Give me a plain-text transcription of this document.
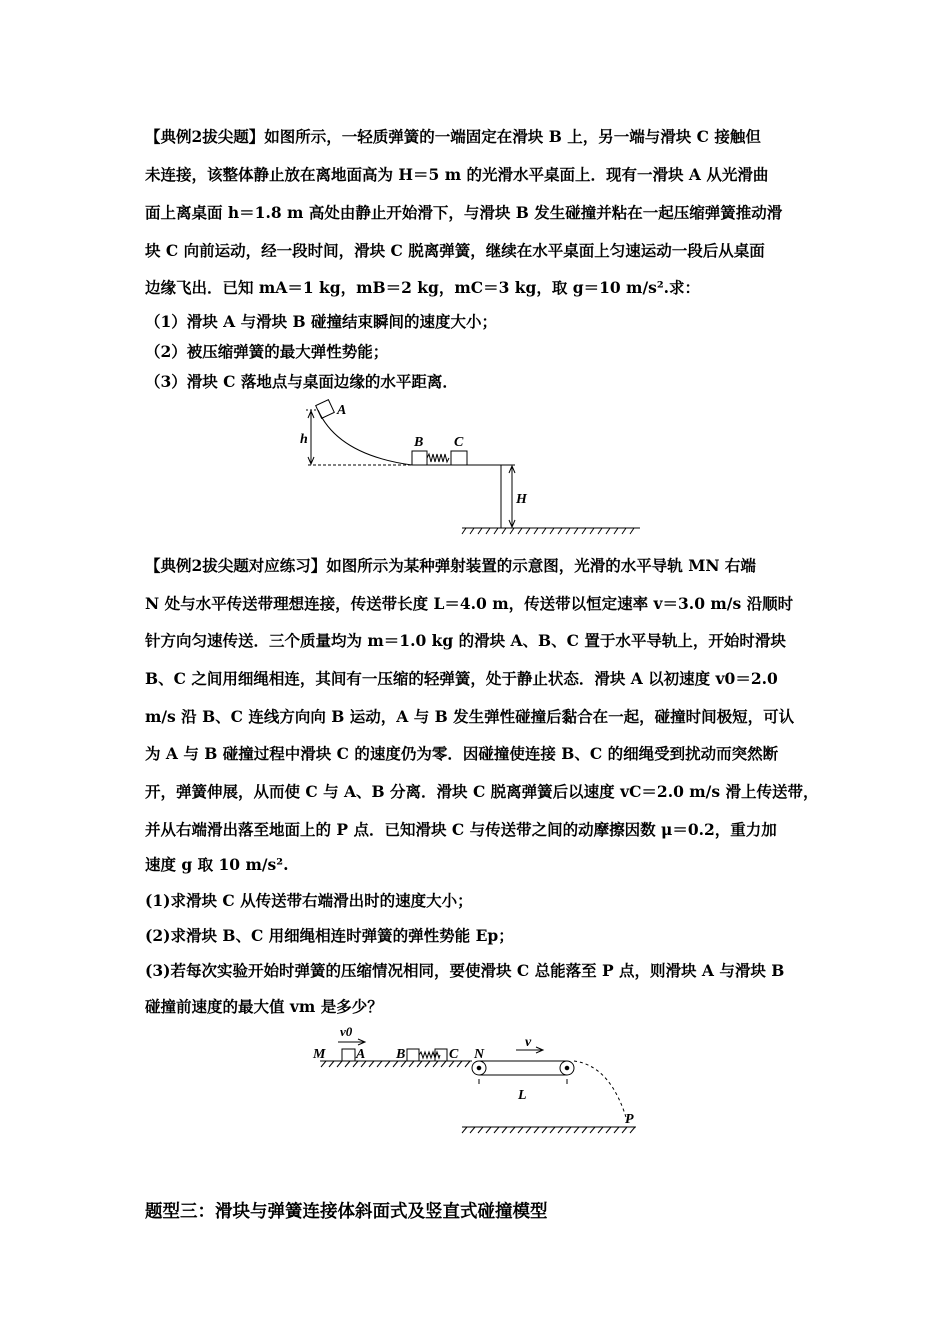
【典例2拔尖题】如图所示，一轻质弹簧的一端固定在滑块 B 上，另一端与滑块 C 接触但
未连接，该整体静止放在离地面高为 H＝5 m 的光滑水平桌面上．现有一滑块 A 从光滑曲
面上离桌面 h＝1.8 m 高处由静止开始滑下，与滑块 B 发生碰撞并粘在一起压缩弹簧推动滑
块 C 向前运动，经一段时间，滑块 C 脱离弹簧，继续在水平桌面上匀速运动一段后从桌面
边缘飞出．已知 mA＝1 kg，mB＝2 kg，mC＝3 kg，取 g＝10 m/s².求：
（1）滑块 A 与滑块 B 碰撞结束瞬间的速度大小；
（2）被压缩弹簧的最大弹性势能；
（3）滑块 C 落地点与桌面边缘的水平距离．
A
h	B C
H
【典例2拔尖题对应练习】如图所示为某种弹射装置的示意图，光滑的水平导轨 MN 右端
N 处与水平传送带理想连接，传送带长度 L＝4.0 m，传送带以恒定速率 v＝3.0 m/s 沿顺时
针方向匀速传送．三个质量均为 m＝1.0 kg 的滑块 A、B、C 置于水平导轨上，开始时滑块
B、C 之间用细绳相连，其间有一压缩的轻弹簧，处于静止状态．滑块 A 以初速度 v0＝2.0
m/s 沿 B、C 连线方向向 B 运动，A 与 B 发生弹性碰撞后黏合在一起，碰撞时间极短，可认
为 A 与 B 碰撞过程中滑块 C 的速度仍为零．因碰撞使连接 B、C 的细绳受到扰动而突然断
开，弹簧伸展，从而使 C 与 A、B 分离．滑块 C 脱离弹簧后以速度 vC＝2.0 m/s 滑上传送带，
并从右端滑出落至地面上的 P 点．已知滑块 C 与传送带之间的动摩擦因数 μ＝0.2，重力加
速度 g 取 10 m/s².
(1)求滑块 C 从传送带右端滑出时的速度大小；
(2)求滑块 B、C 用细绳相连时弹簧的弹性势能 Ep；
(3)若每次实验开始时弹簧的压缩情况相同，要使滑块 C 总能落至 P 点，则滑块 A 与滑块 B
碰撞前速度的最大值 vm 是多少？
v0
M A B	C N
v
L
P
题型三：滑块与弹簧连接体斜面式及竖直式碰撞模型
